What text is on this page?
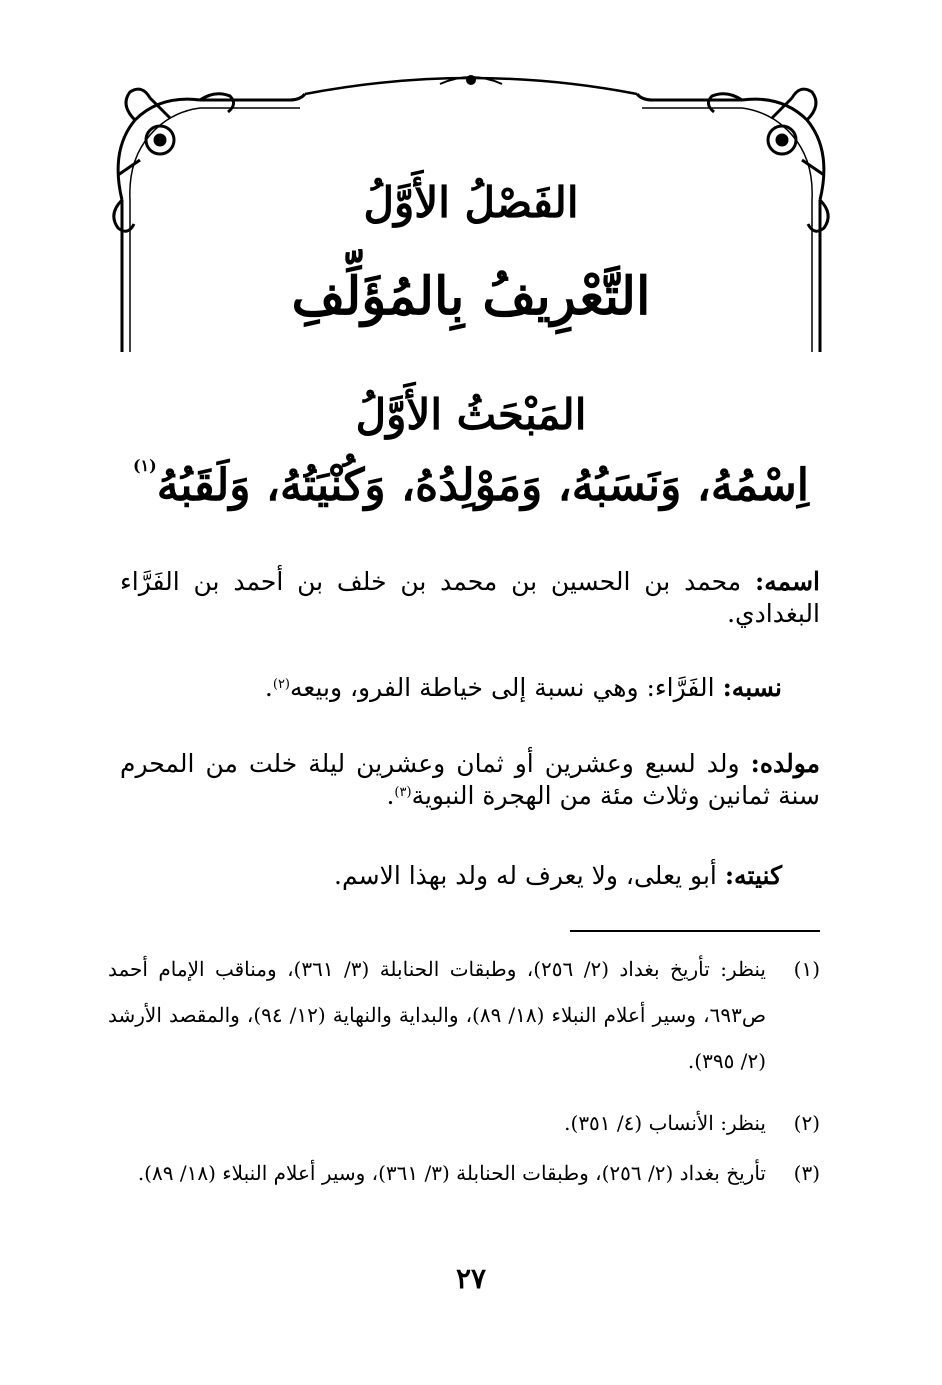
الفَصْلُ الأَوَّلُ
التَّعْرِيفُ بِالمُؤَلِّفِ
المَبْحَثُ الأَوَّلُ
اِسْمُهُ، وَنَسَبُهُ، وَمَوْلِدُهُ، وَكُنْيَتُهُ، وَلَقَبُهُ$^{(١)}$

اسمه: محمد بن الحسين بن محمد بن خلف بن أحمد بن الفَرَّاء البغدادي.

نسبه: الفَرَّاء: وهي نسبة إلى خياطة الفرو، وبيعه$^{(٢)}$.

مولده: ولد لسبع وعشرين أو ثمان وعشرين ليلة خلت من المحرم سنة ثمانين وثلاث مئة من الهجرة النبوية$^{(٣)}$.

كنيته: أبو يعلى، ولا يعرف له ولد بهذا الاسم.

(١)
ينظر: تأريخ بغداد (٢/ ٢٥٦)، وطبقات الحنابلة (٣/ ٣٦١)، ومناقب الإمام أحمد ص٦٩٣، وسير أعلام النبلاء (١٨/ ٨٩)، والبداية والنهاية (١٢/ ٩٤)، والمقصد الأرشد (٢/ ٣٩٥).
(٢)
ينظر: الأنساب (٤/ ٣٥١).
(٣)
تأريخ بغداد (٢/ ٢٥٦)، وطبقات الحنابلة (٣/ ٣٦١)، وسير أعلام النبلاء (١٨/ ٨٩).

٢٧
